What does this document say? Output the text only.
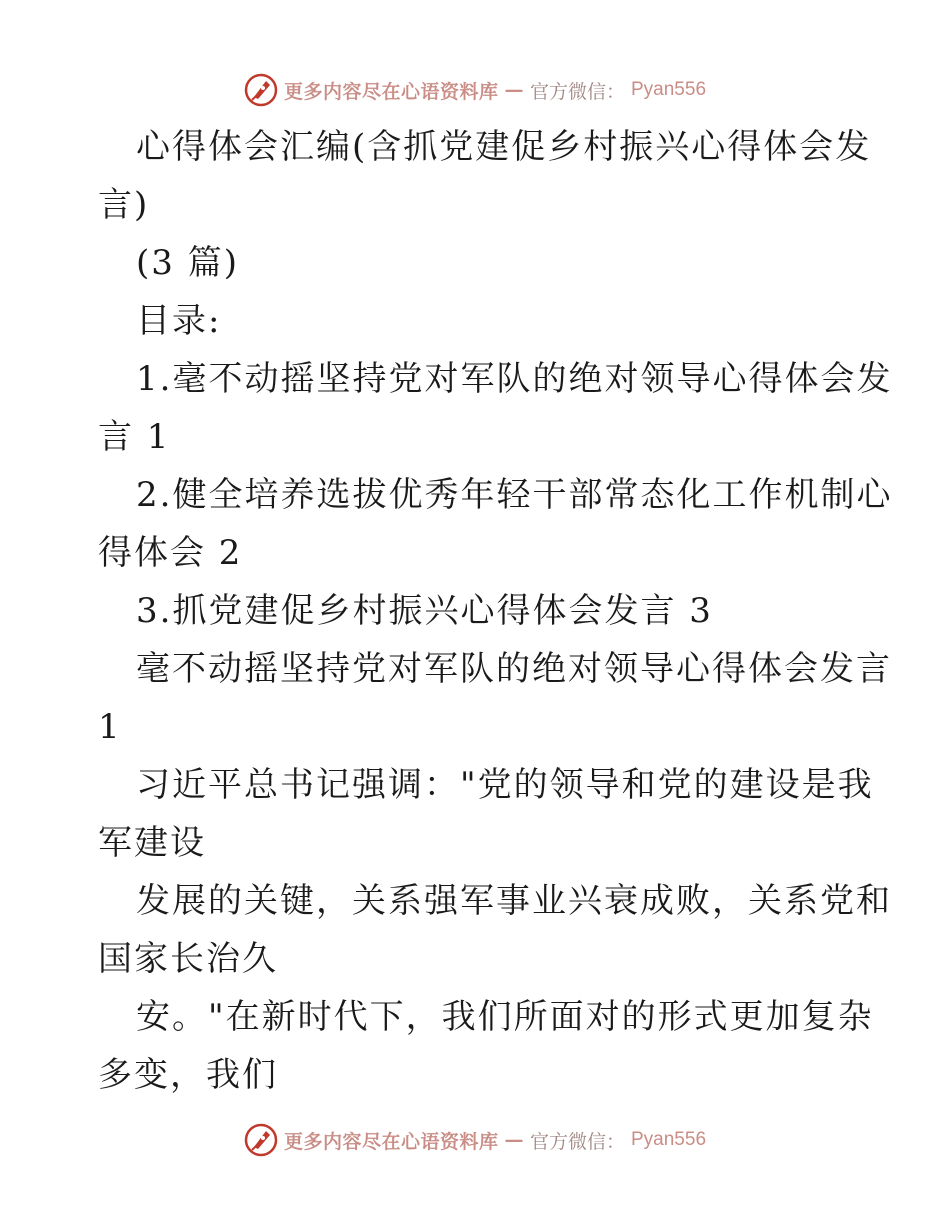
更多内容尽在心语资料库 — 官方微信： Pyan556
心得体会汇编(含抓党建促乡村振兴心得体会发
言)
(3 篇)
目录:
1.毫不动摇坚持党对军队的绝对领导心得体会发
言 1
2.健全培养选拔优秀年轻干部常态化工作机制心
得体会 2
3.抓党建促乡村振兴心得体会发言 3
毫不动摇坚持党对军队的绝对领导心得体会发言
1
习近平总书记强调："党的领导和党的建设是我
军建设
发展的关键，关系强军事业兴衰成败，关系党和
国家长治久
安。"在新时代下，我们所面对的形式更加复杂
多变，我们
更多内容尽在心语资料库 — 官方微信： Pyan556
